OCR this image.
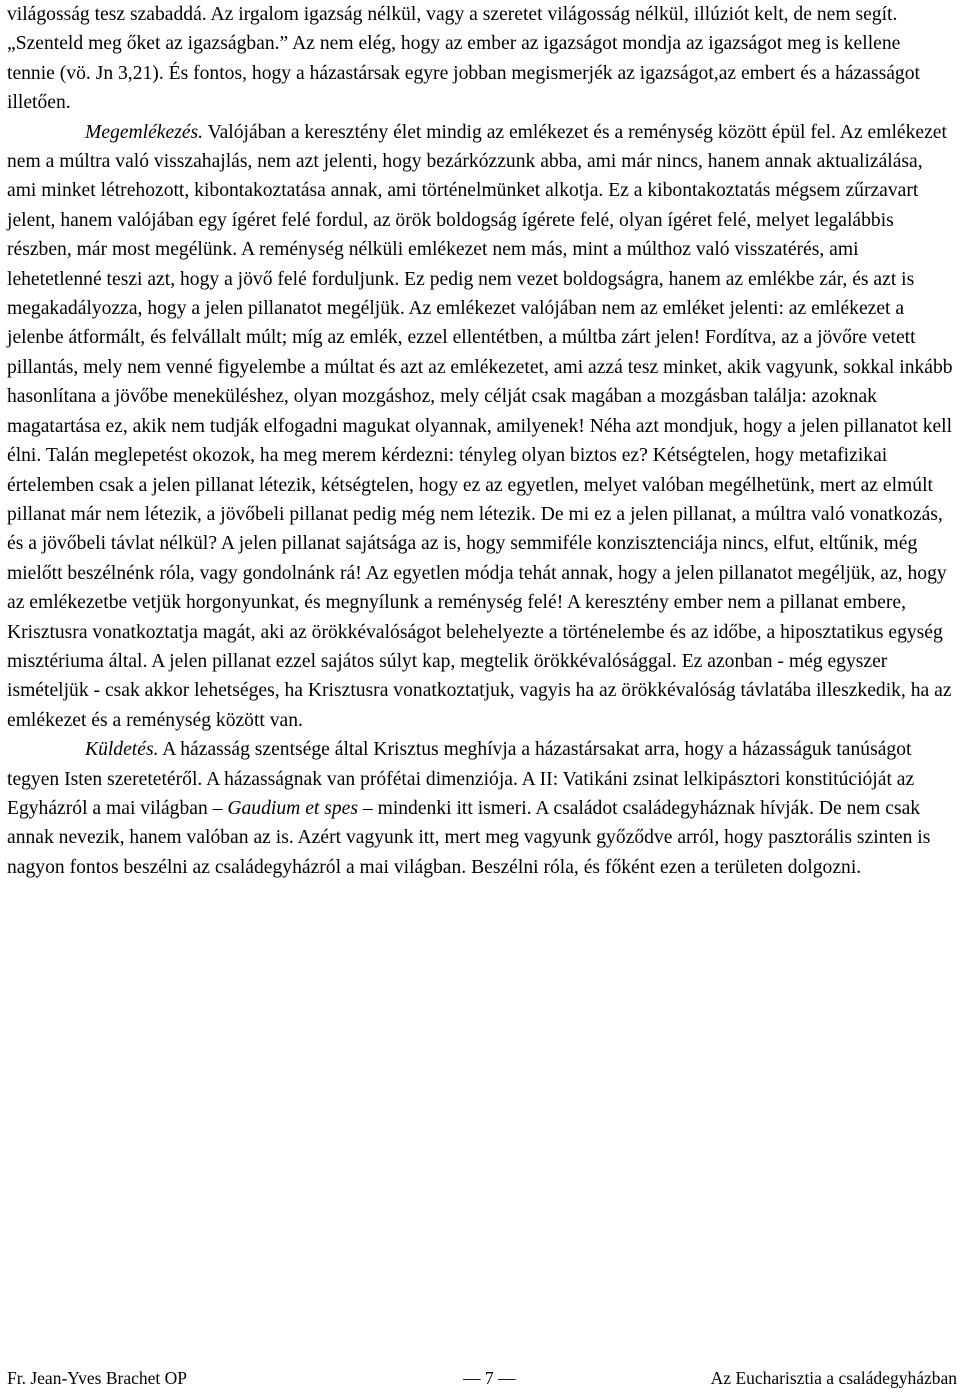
világosság tesz szabaddá. Az irgalom igazság nélkül, vagy a szeretet világosság nélkül, illúziót kelt, de nem segít. „Szenteld meg őket az igazságban.” Az nem elég, hogy az ember az igazságot mondja az igazságot meg is kellene tennie (vö. Jn 3,21). És fontos, hogy a házastársak egyre jobban megismerjék az igazságot,az embert és a házasságot illetően.

Megemlékezés. Valójában a keresztény élet mindig az emlékezet és a reménység között épül fel. Az emlékezet nem a múltra való visszahajlás, nem azt jelenti, hogy bezárkózzunk abba, ami már nincs, hanem annak aktualizálása, ami minket létrehozott, kibontakoztatása annak, ami történelmünket alkotja. Ez a kibontakoztatás mégsem zűrzavart jelent, hanem valójában egy ígéret felé fordul, az örök boldogság ígérete felé, olyan ígéret felé, melyet legalábbis részben, már most megélünk. A reménység nélküli emlékezet nem más, mint a múlthoz való visszatérés, ami lehetetlenné teszi azt, hogy a jövő felé forduljunk. Ez pedig nem vezet boldogságra, hanem az emlékbe zár, és azt is megakadályozza, hogy a jelen pillanatot megéljük. Az emlékezet valójában nem az emléket jelenti: az emlékezet a jelenbe átformált, és felvállalt múlt; míg az emlék, ezzel ellentétben, a múltba zárt jelen! Fordítva, az a jövőre vetett pillantás, mely nem venné figyelembe a múltat és azt az emlékezetet, ami azzá tesz minket, akik vagyunk, sokkal inkább hasonlítana a jövőbe meneküléshez, olyan mozgáshoz, mely célját csak magában a mozgásban találja: azoknak magatartása ez, akik nem tudják elfogadni magukat olyannak, amilyenek! Néha azt mondjuk, hogy a jelen pillanatot kell élni. Talán meglepetést okozok, ha meg merem kérdezni: tényleg olyan biztos ez? Kétségtelen, hogy metafizikai értelemben csak a jelen pillanat létezik, kétségtelen, hogy ez az egyetlen, melyet valóban megélhetünk, mert az elmúlt pillanat már nem létezik, a jövőbeli pillanat pedig még nem létezik. De mi ez a jelen pillanat, a múltra való vonatkozás, és a jövőbeli távlat nélkül? A jelen pillanat sajátsága az is, hogy semmiféle konzisztenciája nincs, elfut, eltűnik, még mielőtt beszélnénk róla, vagy gondolnánk rá! Az egyetlen módja tehát annak, hogy a jelen pillanatot megéljük, az, hogy az emlékezetbe vetjük horgonyunkat, és megnyílunk a reménység felé! A keresztény ember nem a pillanat embere, Krisztusra vonatkoztatja magát, aki az örökkévalóságot belehelyezte a történelembe és az időbe, a hiposztatikus egység misztériuma által. A jelen pillanat ezzel sajátos súlyt kap, megtelik örökkévalósággal. Ez azonban - még egyszer ismételjük - csak akkor lehetséges, ha Krisztusra vonatkoztatjuk, vagyis ha az örökkévalóság távlatába illeszkedik, ha az emlékezet és a reménység között van.

Küldetés. A házasság szentsége által Krisztus meghívja a házastársakat arra, hogy a házasságuk tanúságot tegyen Isten szeretetéről. A házasságnak van prófétai dimenziója. A II: Vatikáni zsinat lelkipásztori konstitúcióját az Egyházról a mai világban – Gaudium et spes – mindenki itt ismeri. A családot családegyháznak hívják. De nem csak annak nevezik, hanem valóban az is. Azért vagyunk itt, mert meg vagyunk győződve arról, hogy pasztorális szinten is nagyon fontos beszélni az családegyházról a mai világban. Beszélni róla, és főként ezen a területen dolgozni.

Fr. Jean-Yves Brachet OP	— 7 —	Az Eucharisztia a családegyházban
